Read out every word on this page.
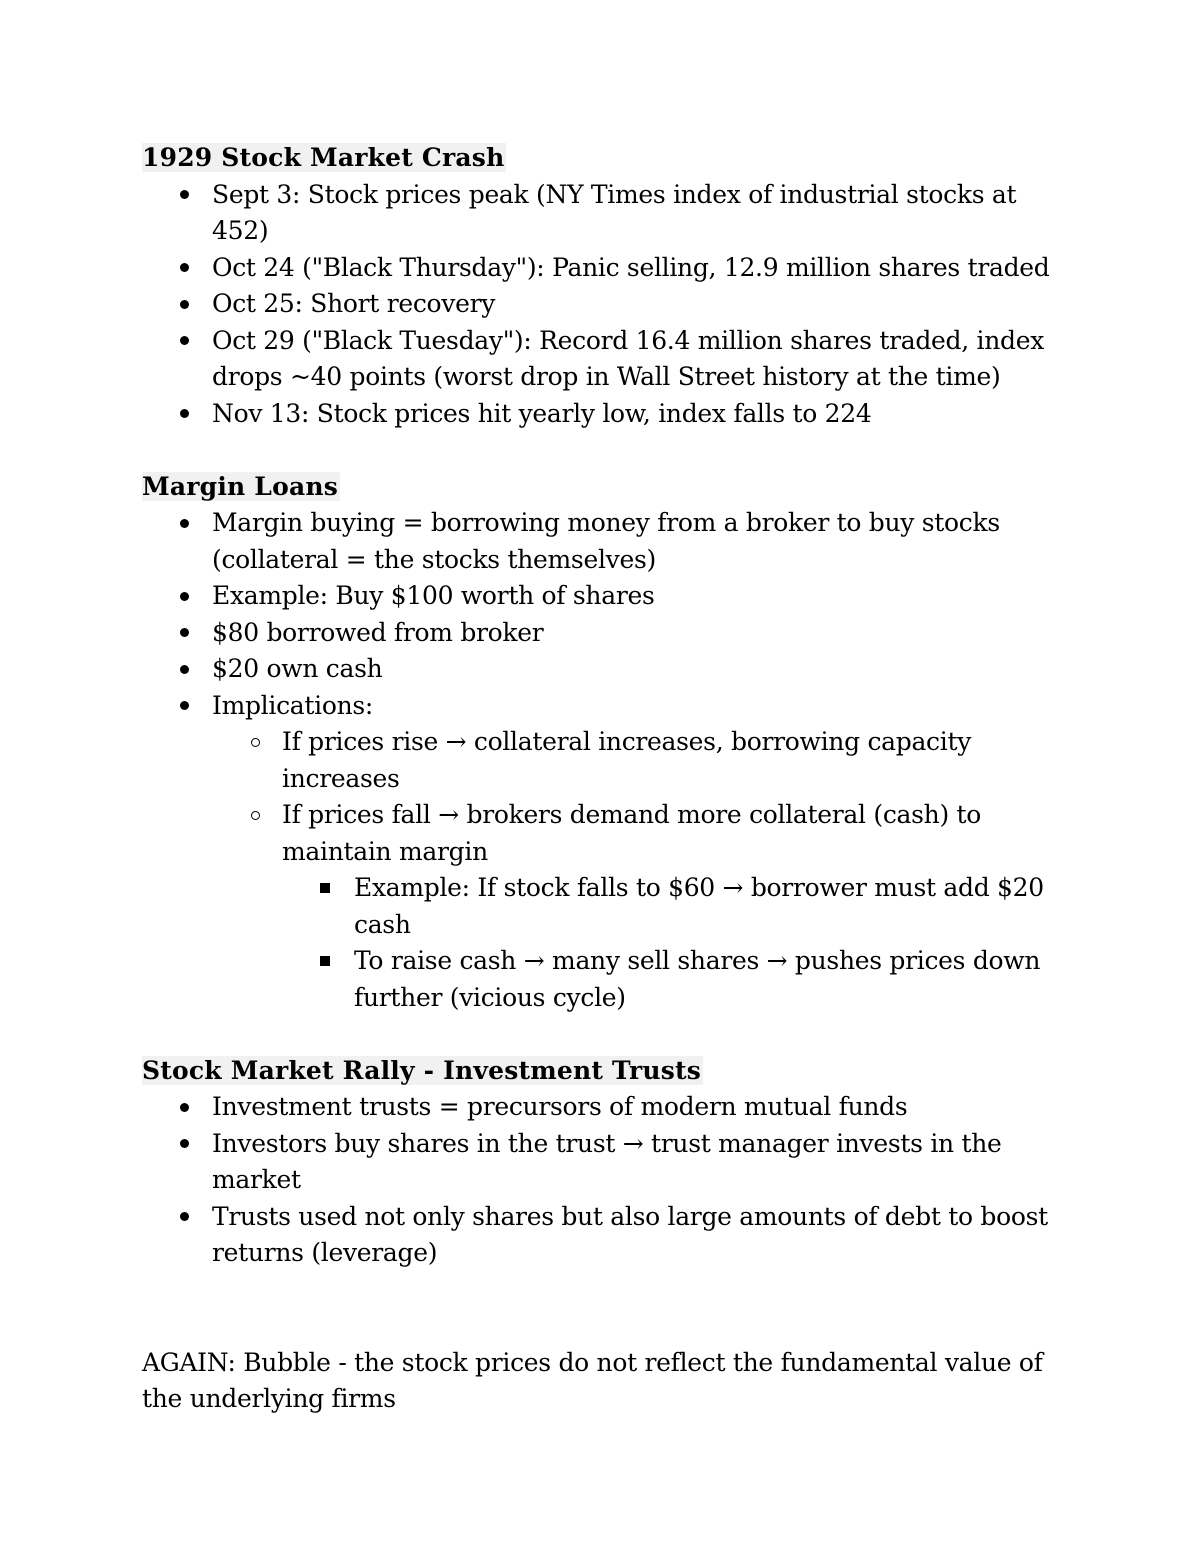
1929 Stock Market Crash
Sept 3: Stock prices peak (NY Times index of industrial stocks at 452)
Oct 24 ("Black Thursday"): Panic selling, 12.9 million shares traded
Oct 25: Short recovery
Oct 29 ("Black Tuesday"): Record 16.4 million shares traded, index drops ~40 points (worst drop in Wall Street history at the time)
Nov 13: Stock prices hit yearly low, index falls to 224
Margin Loans
Margin buying = borrowing money from a broker to buy stocks (collateral = the stocks themselves)
Example: Buy $100 worth of shares
$80 borrowed from broker
$20 own cash
Implications:
If prices rise → collateral increases, borrowing capacity increases
If prices fall → brokers demand more collateral (cash) to maintain margin
Example: If stock falls to $60 → borrower must add $20 cash
To raise cash → many sell shares → pushes prices down further (vicious cycle)
Stock Market Rally - Investment Trusts
Investment trusts = precursors of modern mutual funds
Investors buy shares in the trust → trust manager invests in the market
Trusts used not only shares but also large amounts of debt to boost returns (leverage)

AGAIN: Bubble - the stock prices do not reflect the fundamental value of the underlying firms
